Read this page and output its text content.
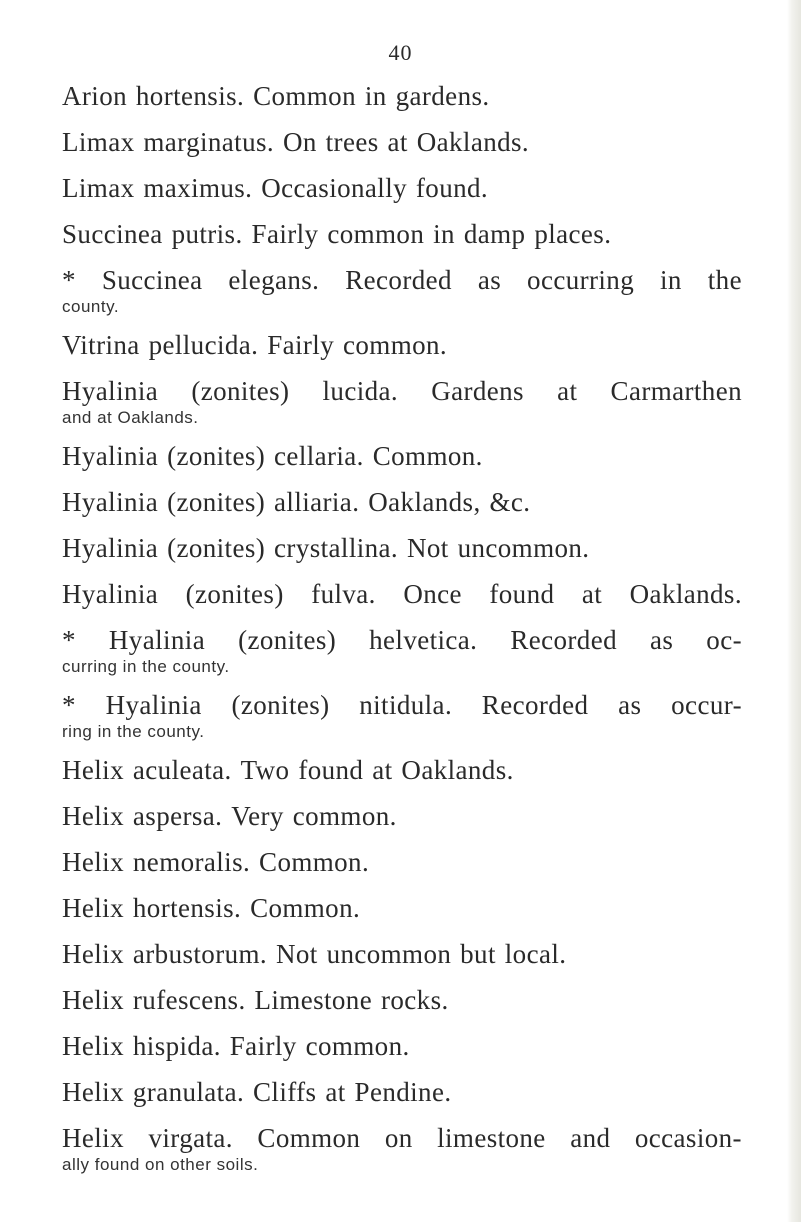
40
Arion hortensis. Common in gardens.
Limax marginatus. On trees at Oaklands.
Limax maximus. Occasionally found.
Succinea putris. Fairly common in damp places.
* Succinea elegans. Recorded as occurring in the
county.
Vitrina pellucida. Fairly common.
Hyalinia (zonites) lucida. Gardens at Carmarthen
and at Oaklands.
Hyalinia (zonites) cellaria. Common.
Hyalinia (zonites) alliaria. Oaklands, &c.
Hyalinia (zonites) crystallina. Not uncommon.
Hyalinia (zonites) fulva. Once found at Oaklands.
* Hyalinia (zonites) helvetica. Recorded as oc-
curring in the county.
* Hyalinia (zonites) nitidula. Recorded as occur-
ring in the county.
Helix aculeata. Two found at Oaklands.
Helix aspersa. Very common.
Helix nemoralis. Common.
Helix hortensis. Common.
Helix arbustorum. Not uncommon but local.
Helix rufescens. Limestone rocks.
Helix hispida. Fairly common.
Helix granulata. Cliffs at Pendine.
Helix virgata. Common on limestone and occasion-
ally found on other soils.
